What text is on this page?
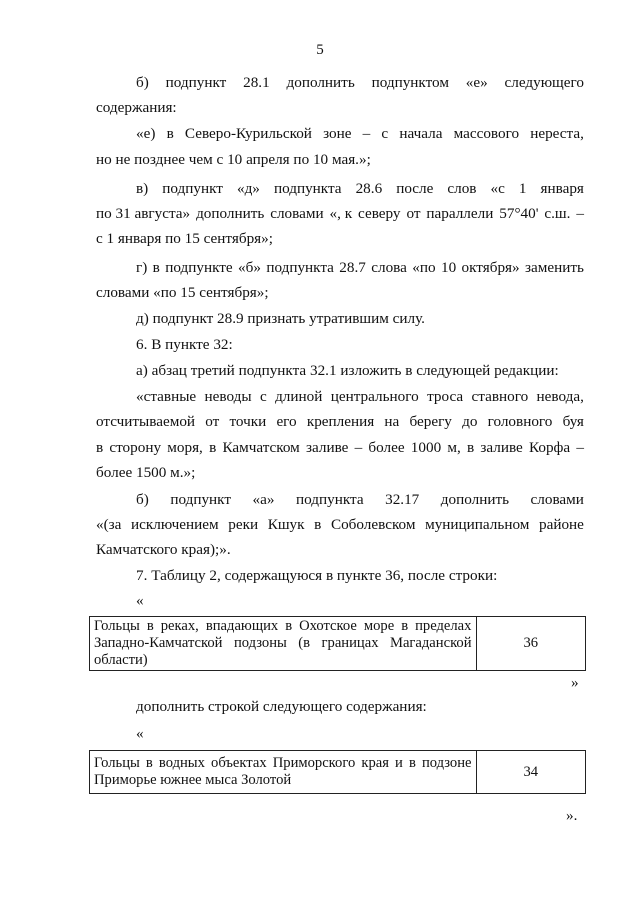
5
б) подпункт 28.1 дополнить подпунктом «е» следующего
содержания:
«е) в Северо-Курильской зоне – с начала массового нереста,
но не позднее чем с 10 апреля по 10 мая.»;
в) подпункт «д» подпункта 28.6 после слов «с 1 января
по 31 августа» дополнить словами «, к северу от параллели 57°40' с.ш. –
с 1 января по 15 сентября»;
г) в подпункте «б» подпункта 28.7 слова «по 10 октября» заменить
словами «по 15 сентября»;
д) подпункт 28.9 признать утратившим силу.
6. В пункте 32:
а) абзац третий подпункта 32.1 изложить в следующей редакции:
«ставные неводы с длиной центрального троса ставного невода,
отсчитываемой от точки его крепления на берегу до головного буя
в сторону моря, в Камчатском заливе – более 1000 м, в заливе Корфа –
более 1500 м.»;
б) подпункт «а» подпункта 32.17 дополнить словами
«(за исключением реки Кшук в Соболевском муниципальном районе
Камчатского края);».
7. Таблицу 2, содержащуюся в пункте 36, после строки:
«
Гольцы в реках, впадающих в Охотское море в пределах
Западно-Камчатской подзоны (в границах Магаданской
области)
	36
»
дополнить строкой следующего содержания:
«
Гольцы в водных объектах Приморского края и в подзоне
Приморье южнее мыса Золотой
	34
».
